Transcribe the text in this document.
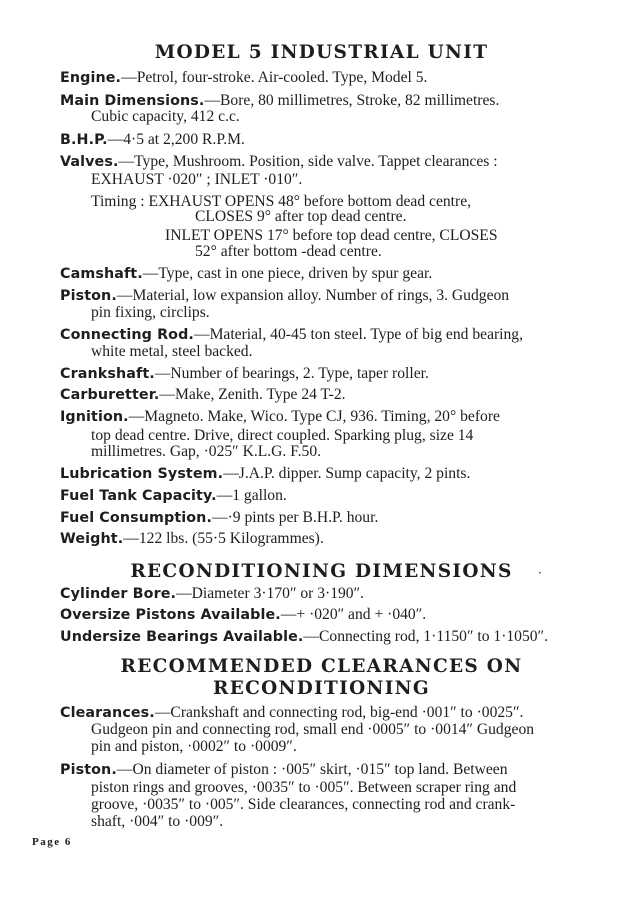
MODEL 5 INDUSTRIAL UNIT
Engine.—Petrol, four-stroke. Air-cooled. Type, Model 5.
Main Dimensions.—Bore, 80 millimetres, Stroke, 82 millimetres.
Cubic capacity, 412 c.c.
B.H.P.—4·5 at 2,200 R.P.M.
Valves.—Type, Mushroom. Position, side valve. Tappet clearances :
EXHAUST ·020″ ; INLET ·010″.
Timing : EXHAUST OPENS 48° before bottom dead centre,
CLOSES 9° after top dead centre.
INLET OPENS 17° before top dead centre, CLOSES
52° after bottom -dead centre.
Camshaft.—Type, cast in one piece, driven by spur gear.
Piston.—Material, low expansion alloy. Number of rings, 3. Gudgeon
pin fixing, circlips.
Connecting Rod.—Material, 40-45 ton steel. Type of big end bearing,
white metal, steel backed.
Crankshaft.—Number of bearings, 2. Type, taper roller.
Carburetter.—Make, Zenith. Type 24 T-2.
Ignition.—Magneto. Make, Wico. Type CJ, 936. Timing, 20° before
top dead centre. Drive, direct coupled. Sparking plug, size 14
millimetres. Gap, ·025″ K.L.G. F.50.
Lubrication System.—J.A.P. dipper. Sump capacity, 2 pints.
Fuel Tank Capacity.—1 gallon.
Fuel Consumption.—·9 pints per B.H.P. hour.
Weight.—122 lbs. (55·5 Kilogrammes).
RECONDITIONING DIMENSIONS	·
Cylinder Bore.—Diameter 3·170″ or 3·190″.
Oversize Pistons Available.—+ ·020″ and + ·040″.
Undersize Bearings Available.—Connecting rod, 1·1150″ to 1·1050″.
RECOMMENDED CLEARANCES ON
RECONDITIONING
Clearances.—Crankshaft and connecting rod, big-end ·001″ to ·0025″.
Gudgeon pin and connecting rod, small end ·0005″ to ·0014″ Gudgeon
pin and piston, ·0002″ to ·0009″.
Piston.—On diameter of piston : ·005″ skirt, ·015″ top land. Between
piston rings and grooves, ·0035″ to ·005″. Between scraper ring and
groove, ·0035″ to ·005″. Side clearances, connecting rod and crank-
shaft, ·004″ to ·009″.
Page 6
